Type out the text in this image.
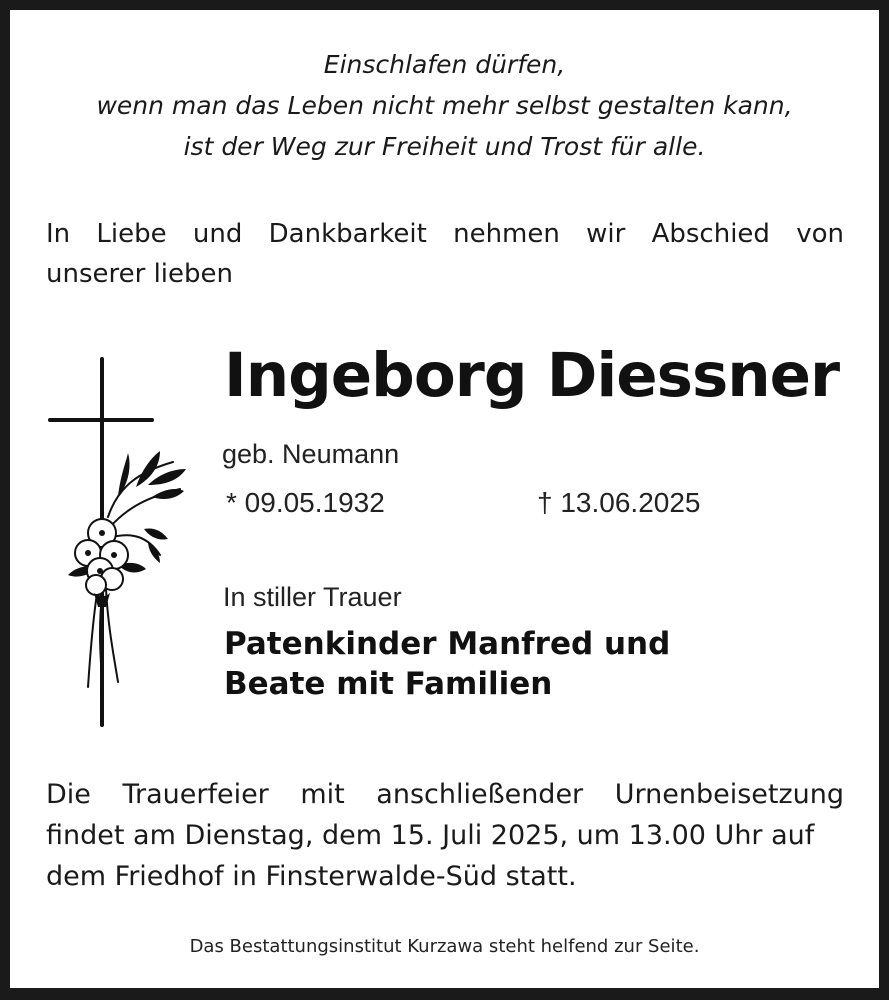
Einschlafen dürfen,
wenn man das Leben nicht mehr selbst gestalten kann,
ist der Weg zur Freiheit und Trost für alle.
In Liebe und Dankbarkeit nehmen wir Abschied von
unserer lieben
Ingeborg Diessner
geb. Neumann
* 09.05.1932	† 13.06.2025
In stiller Trauer
Patenkinder Manfred und
Beate mit Familien
Die Trauerfeier mit anschließender Urnenbeisetzung
findet am Dienstag, dem 15. Juli 2025, um 13.00 Uhr auf
dem Friedhof in Finsterwalde-Süd statt.
Das Bestattungsinstitut Kurzawa steht helfend zur Seite.
